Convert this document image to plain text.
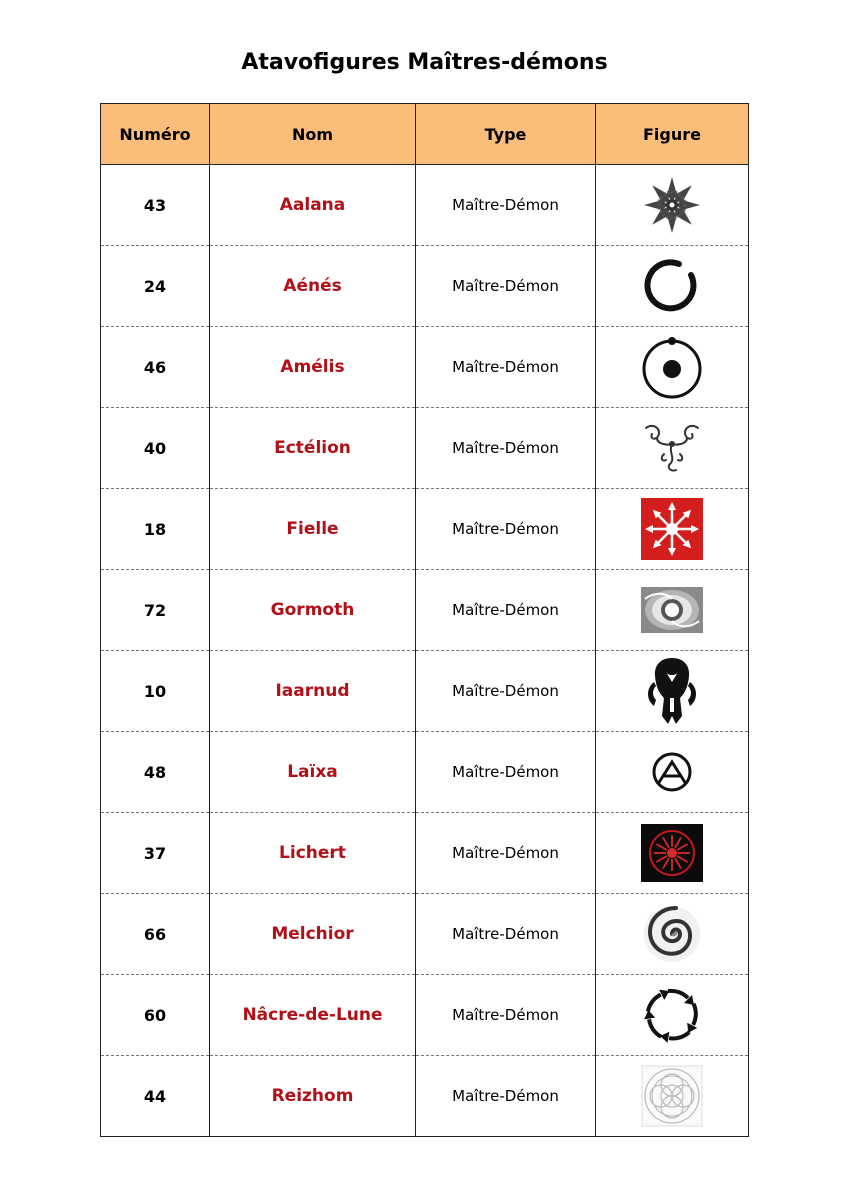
Atavofigures Maîtres-démons
Numéro	Nom	Type	Figure
43	Aalana	Maître-Démon	

24	Aénés	Maître-Démon	

46	Amélis	Maître-Démon	

40	Ectélion	Maître-Démon	

18	Fielle	Maître-Démon	

72	Gormoth	Maître-Démon	

10	Iaarnud	Maître-Démon	

48	Laïxa	Maître-Démon	

37	Lichert	Maître-Démon	

66	Melchior	Maître-Démon	

60	Nâcre-de-Lune	Maître-Démon	

44	Reizhom	Maître-Démon	
